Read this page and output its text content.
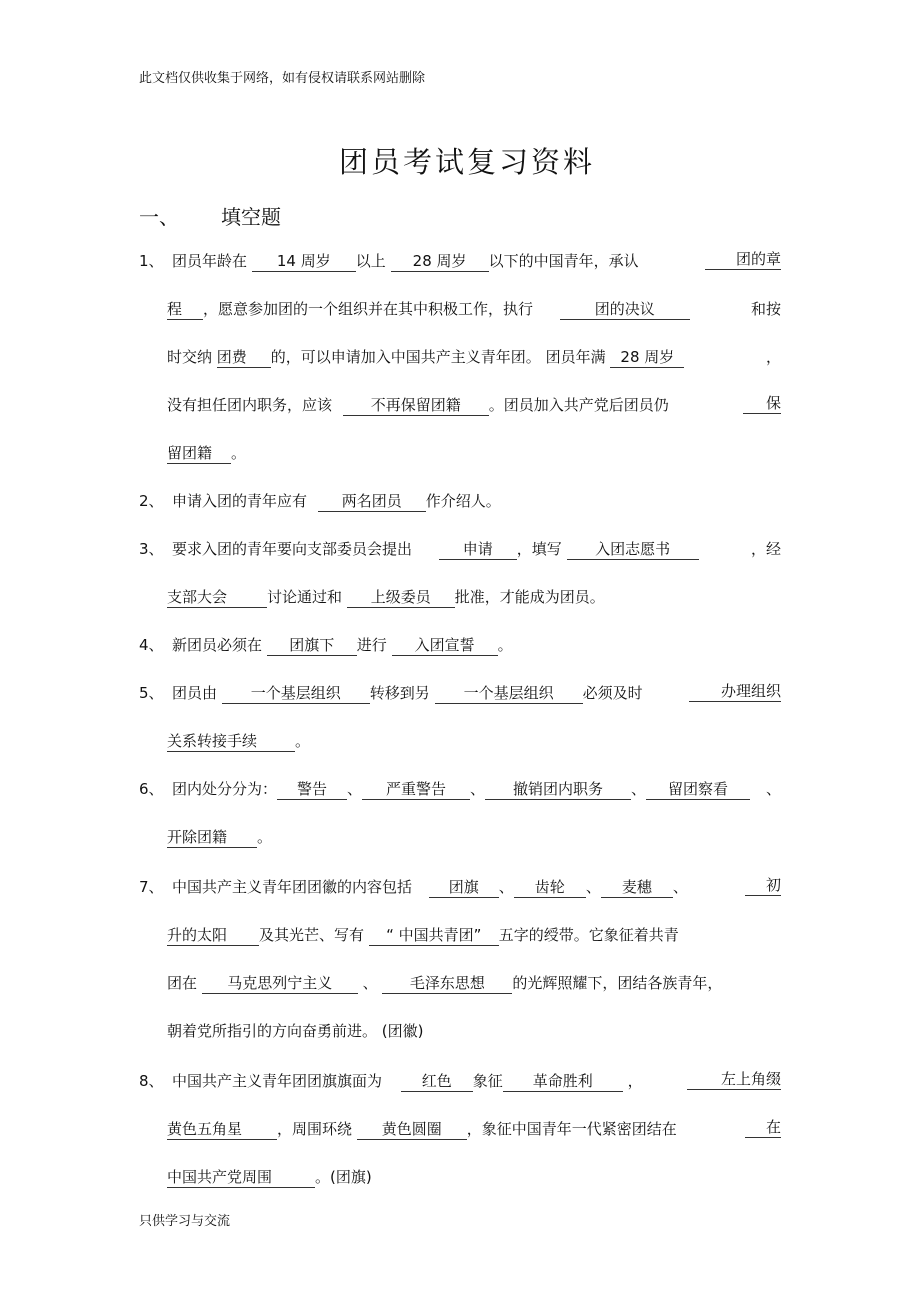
此文档仅供收集于网络，如有侵权请联系网站删除
团员考试复习资料
一、 填空题
1、 团员年龄在 14 周岁 以上 28 周岁 以下的中国青年，承认	团的章
程 ，愿意参加团的一个组织并在其中积极工作，执行	团的决议	和按
时交纳 团费 的，可以申请加入中国共产主义青年团。 团员年满 28 周岁	，
没有担任团内职务，应该	不再保留团籍 。团员加入共产党后团员仍	保
留团籍 。
2、 申请入团的青年应有 两名团员 作介绍人。
3、 要求入团的青年要向支部委员会提出	申请 ，填写 入团志愿书	，经
支部大会	讨论通过和 上级委员 批准，才能成为团员。
4、 新团员必须在 团旗下 进行 入团宣誓 。
5、 团员由 一个基层组织 转移到另 一个基层组织 必须及时	办理组织
关系转接手续	。
6、 团内处分分为： 警告 、 严重警告 、 撤销团内职务 、 留团察看	、
开除团籍 。
7、 中国共产主义青年团团徽的内容包括 团旗 、 齿轮 、 麦穗 、	初
升的太阳 及其光芒、写有 “ 中国共青团” 五字的绶带。它象征着共青
团在 马克思列宁主义 、 毛泽东思想 的光辉照耀下，团结各族青年，
朝着党所指引的方向奋勇前进。 (团徽)
8、 中国共产主义青年团团旗旗面为	红色 象征 革命胜利 ，	左上角缀
黄色五角星 ，周围环绕 黄色圆圈 ，象征中国青年一代紧密团结在	在
中国共产党周围	。(团旗)
只供学习与交流
